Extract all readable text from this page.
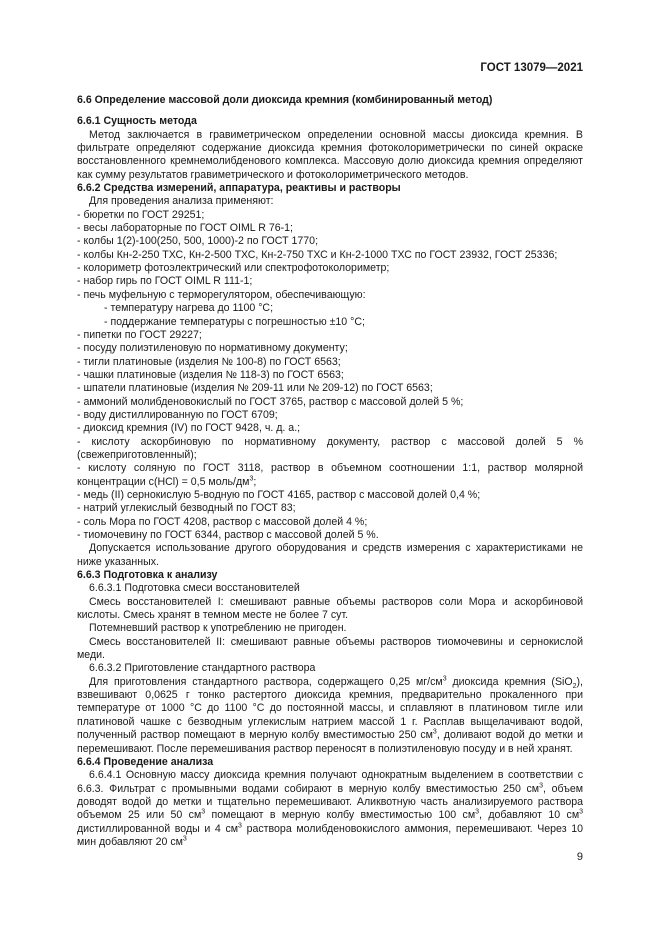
ГОСТ 13079—2021

6.6 Определение массовой доли диоксида кремния (комбинированный метод)

6.6.1 Сущность метода

Метод заключается в гравиметрическом определении основной массы диоксида кремния. В фильтрате определяют содержание диоксида кремния фотоколориметрически по синей окраске восстановленного кремнемолибденового комплекса. Массовую долю диоксида кремния определяют как сумму результатов гравиметрического и фотоколориметрического методов.

6.6.2 Средства измерений, аппаратура, реактивы и растворы

Для проведения анализа применяют:

- бюретки по ГОСТ 29251;

- весы лабораторные по ГОСТ OIML R 76-1;

- колбы 1(2)-100(250, 500, 1000)-2 по ГОСТ 1770;

- колбы Кн-2-250 ТХС, Кн-2-500 ТХС, Кн-2-750 ТХС и Кн-2-1000 ТХС по ГОСТ 23932, ГОСТ 25336;

- колориметр фотоэлектрический или спектрофотоколориметр;

- набор гирь по ГОСТ OIML R 111-1;

- печь муфельную с терморегулятором, обеспечивающую:

- температуру нагрева до 1100 °С;

- поддержание температуры с погрешностью ±10 °С;

- пипетки по ГОСТ 29227;

- посуду полиэтиленовую по нормативному документу;

- тигли платиновые (изделия № 100-8) по ГОСТ 6563;

- чашки платиновые (изделия № 118-3) по ГОСТ 6563;

- шпатели платиновые (изделия № 209-11 или № 209-12) по ГОСТ 6563;

- аммоний молибденовокислый по ГОСТ 3765, раствор с массовой долей 5 %;

- воду дистиллированную по ГОСТ 6709;

- диоксид кремния (IV) по ГОСТ 9428, ч. д. а.;

- кислоту аскорбиновую по нормативному документу, раствор с массовой долей 5 % (свежеприготовленный);

- кислоту соляную по ГОСТ 3118, раствор в объемном соотношении 1:1, раствор молярной концентрации с(HCl) = 0,5 моль/$дм^3$;

- медь (II) сернокислую 5-водную по ГОСТ 4165, раствор с массовой долей 0,4 %;

- натрий углекислый безводный по ГОСТ 83;

- соль Мора по ГОСТ 4208, раствор с массовой долей 4 %;

- тиомочевину по ГОСТ 6344, раствор с массовой долей 5 %.

Допускается использование другого оборудования и средств измерения с характеристиками не ниже указанных.

6.6.3 Подготовка к анализу

6.6.3.1 Подготовка смеси восстановителей

Смесь восстановителей I: смешивают равные объемы растворов соли Мора и аскорбиновой кислоты. Смесь хранят в темном месте не более 7 сут.

Потемневший раствор к употреблению не пригоден.

Смесь восстановителей II: смешивают равные объемы растворов тиомочевины и сернокислой меди.

6.6.3.2 Приготовление стандартного раствора

Для приготовления стандартного раствора, содержащего 0,25 $мг/см^3$ диоксида кремния (SiO$_2$), взвешивают 0,0625 г тонко растертого диоксида кремния, предварительно прокаленного при температуре от 1000 °С до 1100 °С до постоянной массы, и сплавляют в платиновом тигле или платиновой чашке с безводным углекислым натрием массой 1 г. Расплав выщелачивают водой, полученный раствор помещают в мерную колбу вместимостью 250 $см^3$, доливают водой до метки и перемешивают. После перемешивания раствор переносят в полиэтиленовую посуду и в ней хранят.

6.6.4 Проведение анализа

6.6.4.1 Основную массу диоксида кремния получают однократным выделением в соответствии с 6.6.3. Фильтрат с промывными водами собирают в мерную колбу вместимостью 250 $см^3$, объем доводят водой до метки и тщательно перемешивают. Аликвотную часть анализируемого раствора объемом 25 или 50 $см^3$ помещают в мерную колбу вместимостью 100 $см^3$, добавляют 10 $см^3$ дистиллированной воды и 4 $см^3$ раствора молибденовокислого аммония, перемешивают. Через 10 мин добавляют 20 $см^3$

9
